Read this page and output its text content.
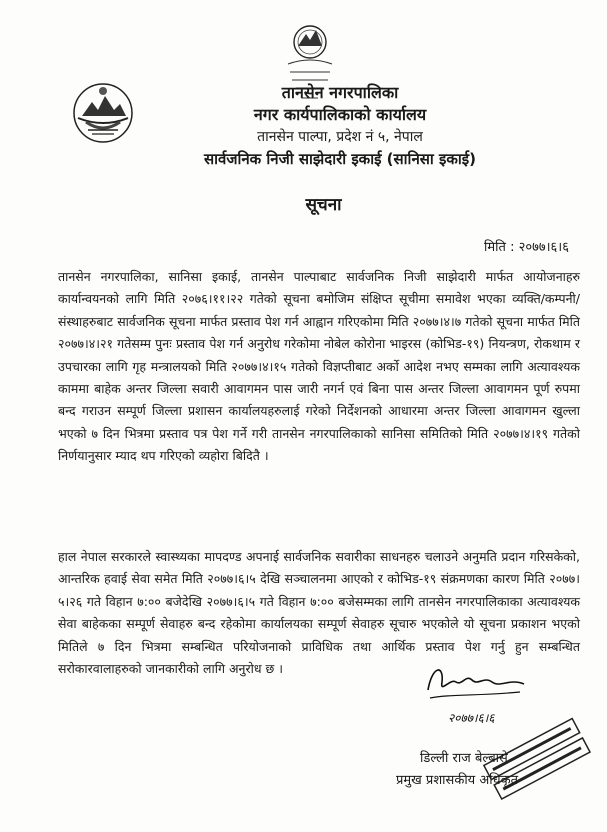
तानसेन नगरपालिका
नगर कार्यपालिकाको कार्यालय
तानसेन पाल्पा, प्रदेश नं ५, नेपाल
सार्वजनिक निजी साझेदारी इकाई (सानिसा इकाई)
सूचना
मिति : २०७७।६।६
तानसेन नगरपालिका, सानिसा इकाई, तानसेन पाल्पाबाट सार्वजनिक निजी साझेदारी मार्फत आयोजनाहरु कार्यान्वयनको लागि मिति २०७६।११।२२ गतेको सूचना बमोजिम संक्षिप्त सूचीमा समावेश भएका व्यक्ति/कम्पनी/संस्थाहरुबाट सार्वजनिक सूचना मार्फत प्रस्ताव पेश गर्न आह्वान गरिएकोमा मिति २०७७।४।७ गतेको सूचना मार्फत मिति २०७७।४।२१ गतेसम्म पुनः प्रस्ताव पेश गर्न अनुरोध गरेकोमा नोबेल कोरोना भाइरस (कोभिड-१९) नियन्त्रण, रोकथाम र उपचारका लागि गृह मन्त्रालयको मिति २०७७।४।१५ गतेको विज्ञप्तीबाट अर्को आदेश नभए सम्मका लागि अत्यावश्यक काममा बाहेक अन्तर जिल्ला सवारी आवागमन पास जारी नगर्न एवं बिना पास अन्तर जिल्ला आवागमन पूर्ण रुपमा बन्द गराउन सम्पूर्ण जिल्ला प्रशासन कार्यालयहरुलाई गरेको निर्देशनको आधारमा अन्तर जिल्ला आवागमन खुल्ला भएको ७ दिन भित्रमा प्रस्ताव पत्र पेश गर्ने गरी तानसेन नगरपालिकाको सानिसा समितिको मिति २०७७।४।१९ गतेको निर्णयानुसार म्याद थप गरिएको व्यहोरा बिदितै ।
हाल नेपाल सरकारले स्वास्थ्यका मापदण्ड अपनाई सार्वजनिक सवारीका साधनहरु चलाउने अनुमति प्रदान गरिसकेको, आन्तरिक हवाई सेवा समेत मिति २०७७।६।५ देखि सञ्चालनमा आएको र कोभिड-१९ संक्रमणका कारण मिति २०७७।५।२६ गते विहान ७:०० बजेदेखि २०७७।६।५ गते विहान ७:०० बजेसम्मका लागि तानसेन नगरपालिकाका अत्यावश्यक सेवा बाहेकका सम्पूर्ण सेवाहरु बन्द रहेकोमा कार्यालयका सम्पूर्ण सेवाहरु सूचारु भएकोले यो सूचना प्रकाशन भएको मितिले ७ दिन भित्रमा सम्बन्धित परियोजनाको प्राविधिक तथा आर्थिक प्रस्ताव पेश गर्नु हुन सम्बन्धित सरोकारवालाहरुको जानकारीको लागि अनुरोध छ ।
२०७७।६।६
डिल्ली राज बेल्बासे
प्रमुख प्रशासकीय अधिकृत
